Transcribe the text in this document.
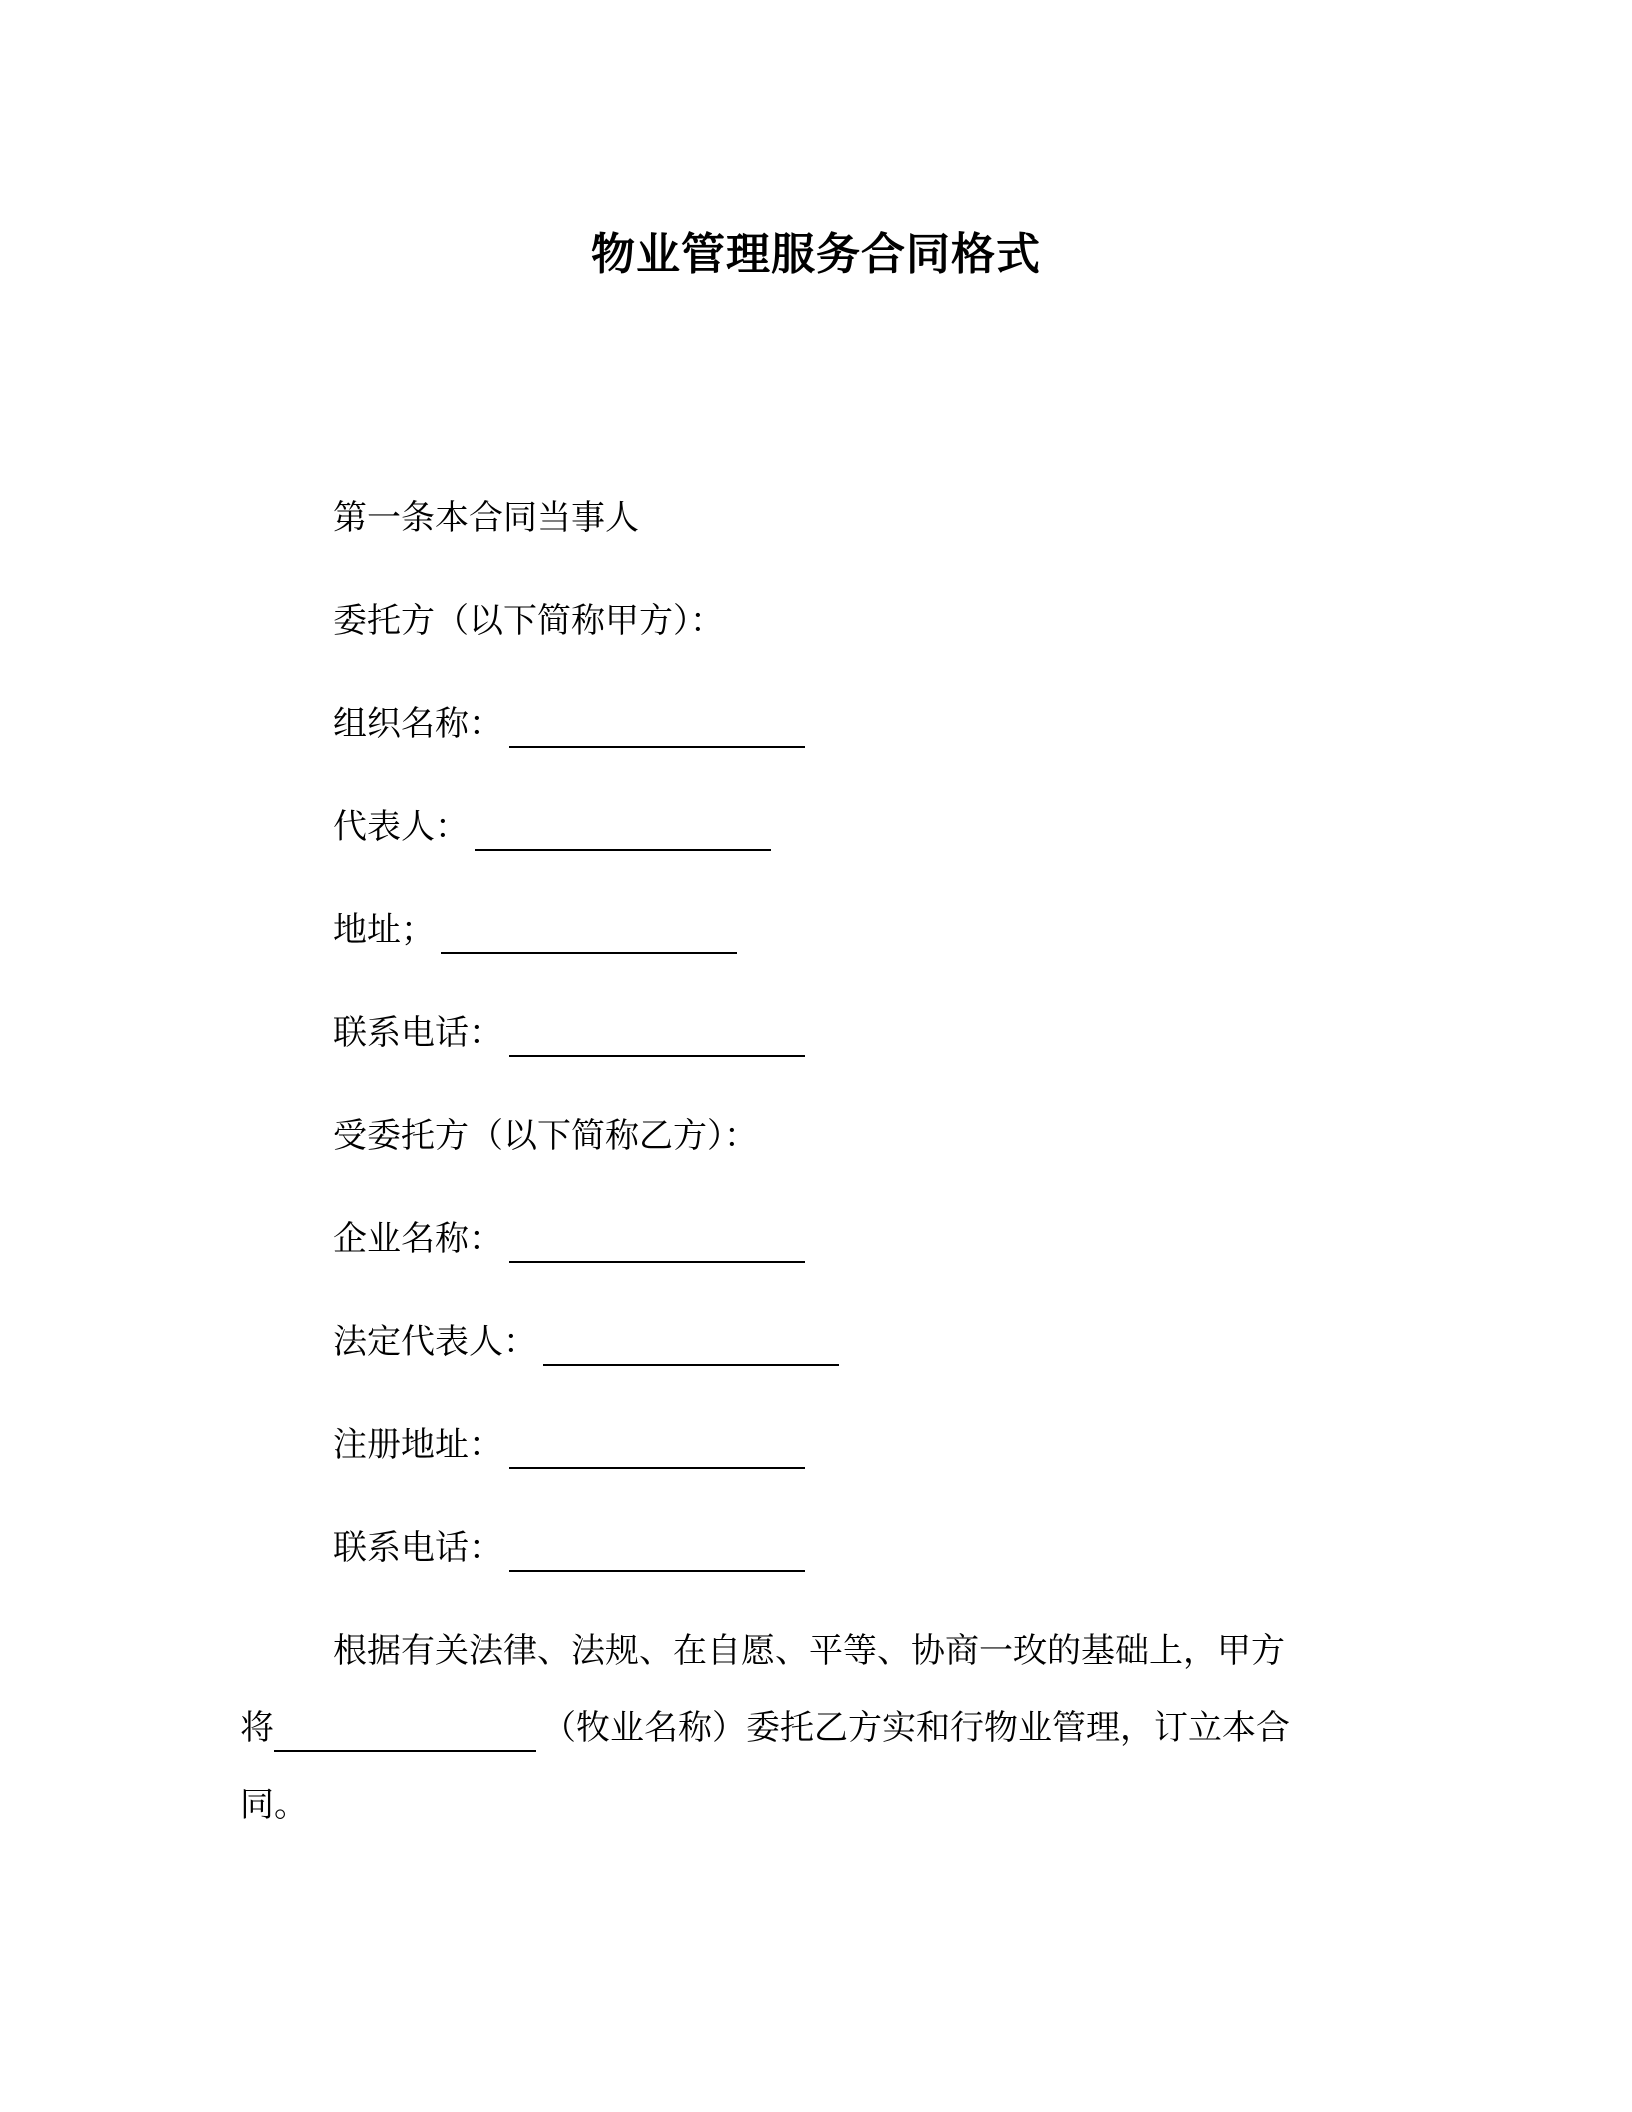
物业管理服务合同格式
第一条本合同当事人
委托方（以下简称甲方）：
组织名称：
代表人：
地址；
联系电话：
受委托方（以下简称乙方）：
企业名称：
法定代表人：
注册地址：
联系电话：
根据有关法律、法规、在自愿、平等、协商一玫的基础上，甲方
将	（牧业名称）委托乙方实和行物业管理，订立本合
同。
